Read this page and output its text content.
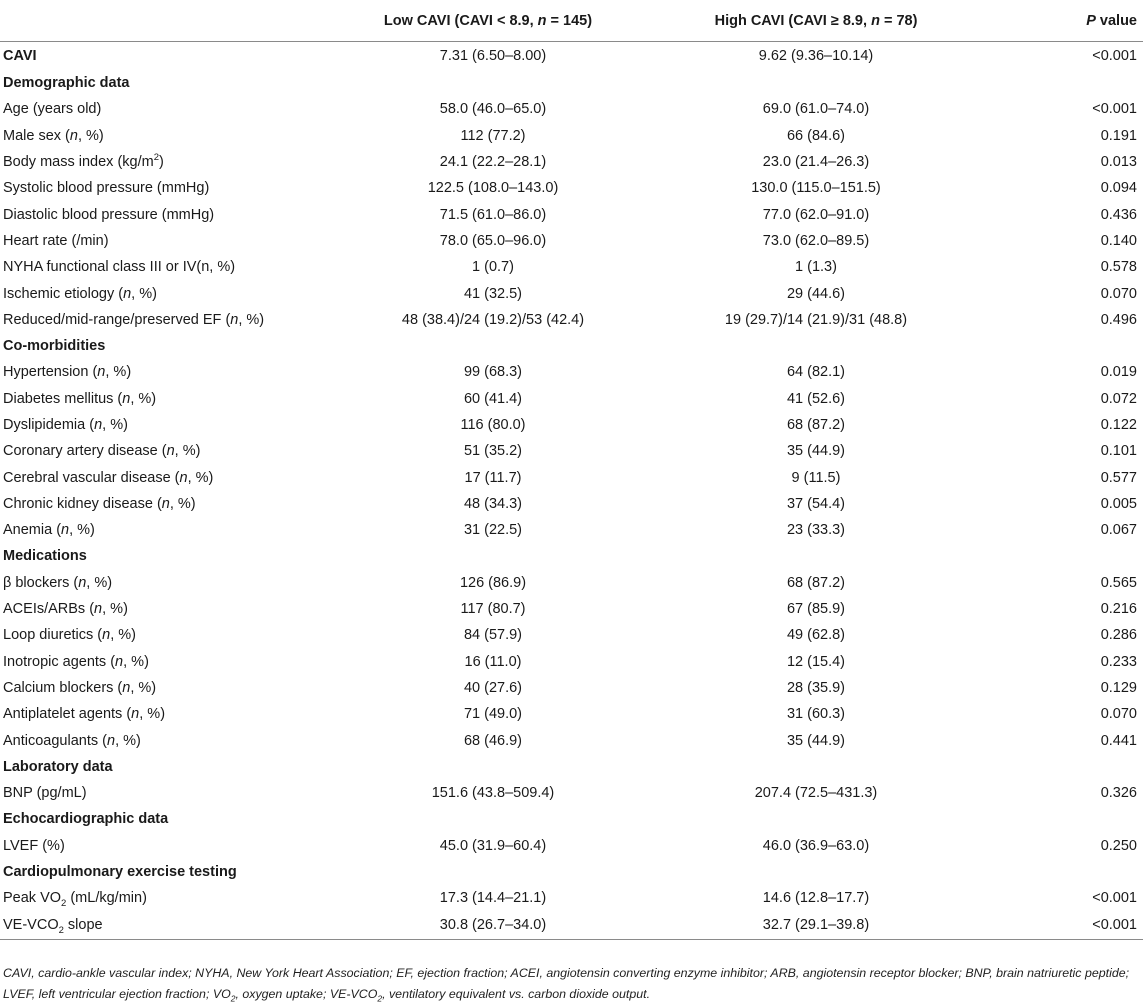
	Low CAVI (CAVI < 8.9, n = 145)	High CAVI (CAVI ≥ 8.9, n = 78)	P value
CAVI	7.31 (6.50–8.00)	9.62 (9.36–10.14)	<0.001
Demographic data			
Age (years old)	58.0 (46.0–65.0)	69.0 (61.0–74.0)	<0.001
Male sex (n, %)	112 (77.2)	66 (84.6)	0.191
Body mass index $(kg/m^2)$	24.1 (22.2–28.1)	23.0 (21.4–26.3)	0.013
Systolic blood pressure (mmHg)	122.5 (108.0–143.0)	130.0 (115.0–151.5)	0.094
Diastolic blood pressure (mmHg)	71.5 (61.0–86.0)	77.0 (62.0–91.0)	0.436
Heart rate (/min)	78.0 (65.0–96.0)	73.0 (62.0–89.5)	0.140
NYHA functional class III or IV(n, %)	1 (0.7)	1 (1.3)	0.578
Ischemic etiology (n, %)	41 (32.5)	29 (44.6)	0.070
Reduced/mid-range/preserved EF (n, %)	48 (38.4)/24 (19.2)/53 (42.4)	19 (29.7)/14 (21.9)/31 (48.8)	0.496
Co-morbidities			
Hypertension (n, %)	99 (68.3)	64 (82.1)	0.019
Diabetes mellitus (n, %)	60 (41.4)	41 (52.6)	0.072
Dyslipidemia (n, %)	116 (80.0)	68 (87.2)	0.122
Coronary artery disease (n, %)	51 (35.2)	35 (44.9)	0.101
Cerebral vascular disease (n, %)	17 (11.7)	9 (11.5)	0.577
Chronic kidney disease (n, %)	48 (34.3)	37 (54.4)	0.005
Anemia (n, %)	31 (22.5)	23 (33.3)	0.067
Medications			
β blockers (n, %)	126 (86.9)	68 (87.2)	0.565
ACEIs/ARBs (n, %)	117 (80.7)	67 (85.9)	0.216
Loop diuretics (n, %)	84 (57.9)	49 (62.8)	0.286
Inotropic agents (n, %)	16 (11.0)	12 (15.4)	0.233
Calcium blockers (n, %)	40 (27.6)	28 (35.9)	0.129
Antiplatelet agents (n, %)	71 (49.0)	31 (60.3)	0.070
Anticoagulants (n, %)	68 (46.9)	35 (44.9)	0.441
Laboratory data			
BNP (pg/mL)	151.6 (43.8–509.4)	207.4 (72.5–431.3)	0.326
Echocardiographic data			
LVEF (%)	45.0 (31.9–60.4)	46.0 (36.9–63.0)	0.250
Cardiopulmonary exercise testing			
Peak $VO_2$ (mL/kg/min)	17.3 (14.4–21.1)	14.6 (12.8–17.7)	<0.001
$VE-VCO_2$ slope	30.8 (26.7–34.0)	32.7 (29.1–39.8)	<0.001
CAVI, cardio-ankle vascular index; NYHA, New York Heart Association; EF, ejection fraction; ACEI, angiotensin converting enzyme inhibitor; ARB, angiotensin receptor blocker; BNP, brain natriuretic peptide; LVEF, left ventricular ejection fraction; $VO_2$, oxygen uptake; $VE-VCO_2$, ventilatory equivalent vs. carbon dioxide output.
